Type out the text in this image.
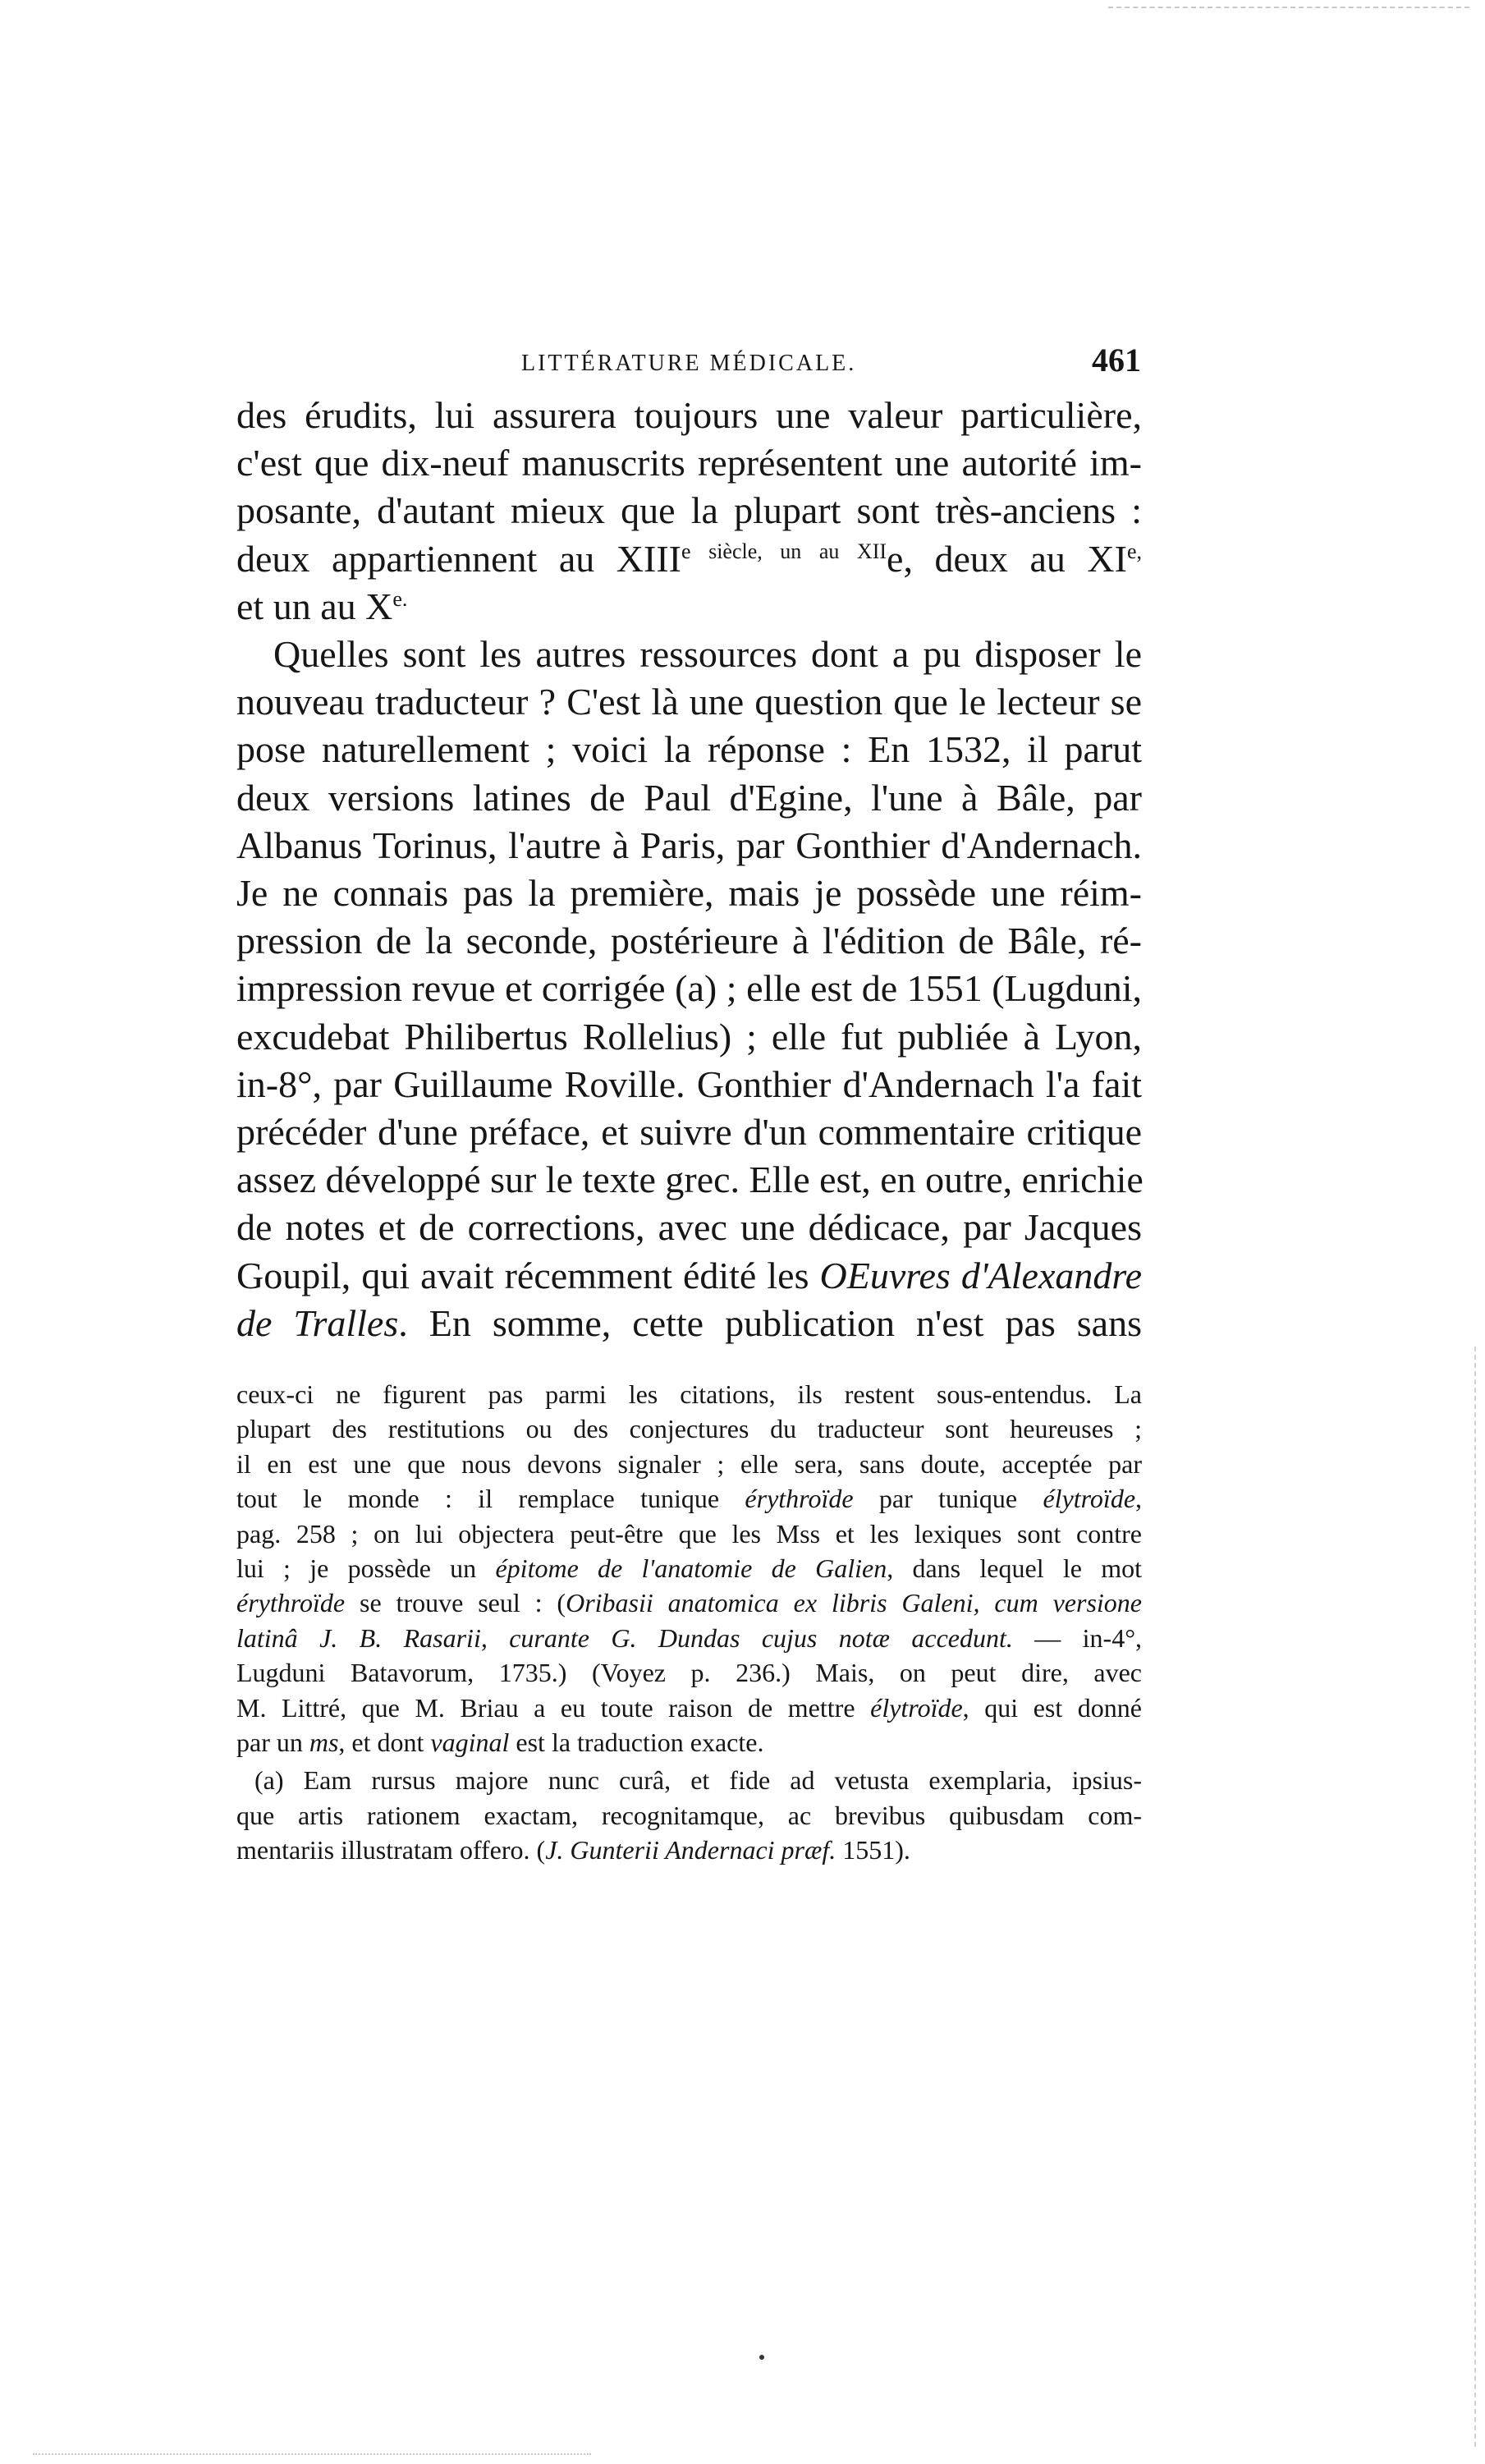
LITTÉRATURE MÉDICALE.	461

des érudits, lui assurera toujours une valeur particulière,
c'est que dix-neuf manuscrits représentent une autorité im-
posante, d'autant mieux que la plupart sont très-anciens :
deux appartiennent au $XIII^{e siècle, un au XII}e$, deux au $XI^{e,}$
et un au $X^{e.}$

Quelles sont les autres ressources dont a pu disposer le
nouveau traducteur ? C'est là une question que le lecteur se
pose naturellement ; voici la réponse : En 1532, il parut
deux versions latines de Paul d'Egine, l'une à Bâle, par
Albanus Torinus, l'autre à Paris, par Gonthier d'Andernach.
Je ne connais pas la première, mais je possède une réim-
pression de la seconde, postérieure à l'édition de Bâle, ré-
impression revue et corrigée (a) ; elle est de 1551 (Lugduni,
excudebat Philibertus Rollelius) ; elle fut publiée à Lyon,
in-8°, par Guillaume Roville. Gonthier d'Andernach l'a fait
précéder d'une préface, et suivre d'un commentaire critique
assez développé sur le texte grec. Elle est, en outre, enrichie
de notes et de corrections, avec une dédicace, par Jacques
Goupil, qui avait récemment édité les OEuvres d'Alexandre
de Tralles. En somme, cette publication n'est pas sans

ceux-ci ne figurent pas parmi les citations, ils restent sous-entendus. La
plupart des restitutions ou des conjectures du traducteur sont heureuses ;
il en est une que nous devons signaler ; elle sera, sans doute, acceptée par
tout le monde : il remplace tunique érythroïde par tunique élytroïde,
pag. 258 ; on lui objectera peut-être que les Mss et les lexiques sont contre
lui ; je possède un épitome de l'anatomie de Galien, dans lequel le mot
érythroïde se trouve seul : (Oribasii anatomica ex libris Galeni, cum versione
latinâ J. B. Rasarii, curante G. Dundas cujus notæ accedunt. — in-4°,
Lugduni Batavorum, 1735.) (Voyez p. 236.) Mais, on peut dire, avec
M. Littré, que M. Briau a eu toute raison de mettre élytroïde, qui est donné
par un ms, et dont vaginal est la traduction exacte.
(a) Eam rursus majore nunc curâ, et fide ad vetusta exemplaria, ipsius-
que artis rationem exactam, recognitamque, ac brevibus quibusdam com-
mentariis illustratam offero. (J. Gunterii Andernaci præf. 1551).
